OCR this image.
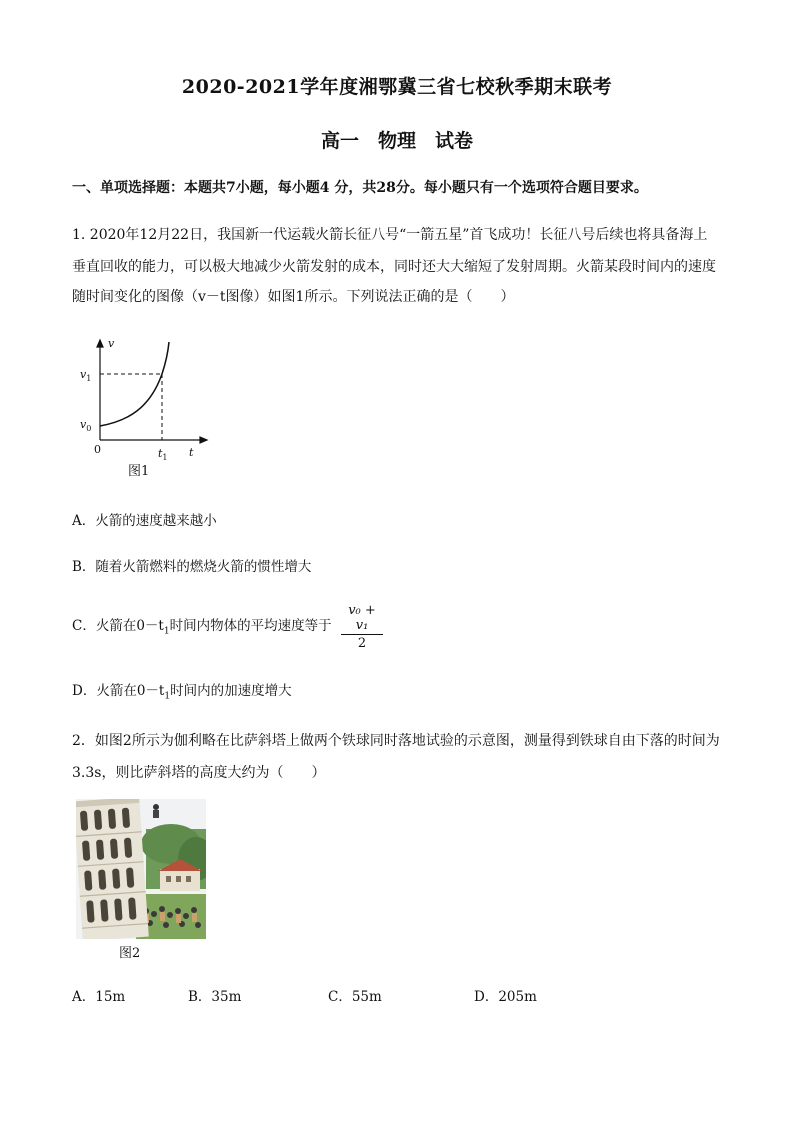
2020-2021学年度湘鄂冀三省七校秋季期末联考
高一　物理　试卷
一、单项选择题：本题共7小题，每小题4 分，共28分。每小题只有一个选项符合题目要求。
1. 2020年12月22日，我国新一代运载火箭长征八号“一箭五星”首飞成功！长征八号后续也将具备海上
垂直回收的能力，可以极大地减少火箭发射的成本，同时还大大缩短了发射周期。火箭某段时间内的速度
随时间变化的图像（v－t图像）如图1所示。下列说法正确的是（　　）
v
$v_1$
$v_0$
0	$t_1$ t
图1
A．火箭的速度越来越小
B．随着火箭燃料的燃烧火箭的惯性增大
C．火箭在$0-t_1$时间内物体的平均速度等于 $\frac{\text{v₀ + v₁}}{2}$
D．火箭在$0-t_1$时间内的加速度增大
2．如图2所示为伽利略在比萨斜塔上做两个铁球同时落地试验的示意图，测量得到铁球自由下落的时间为
3.3s，则比萨斜塔的高度大约为（　　）
图2
A．15m	B．35m	C．55m	D．205m
